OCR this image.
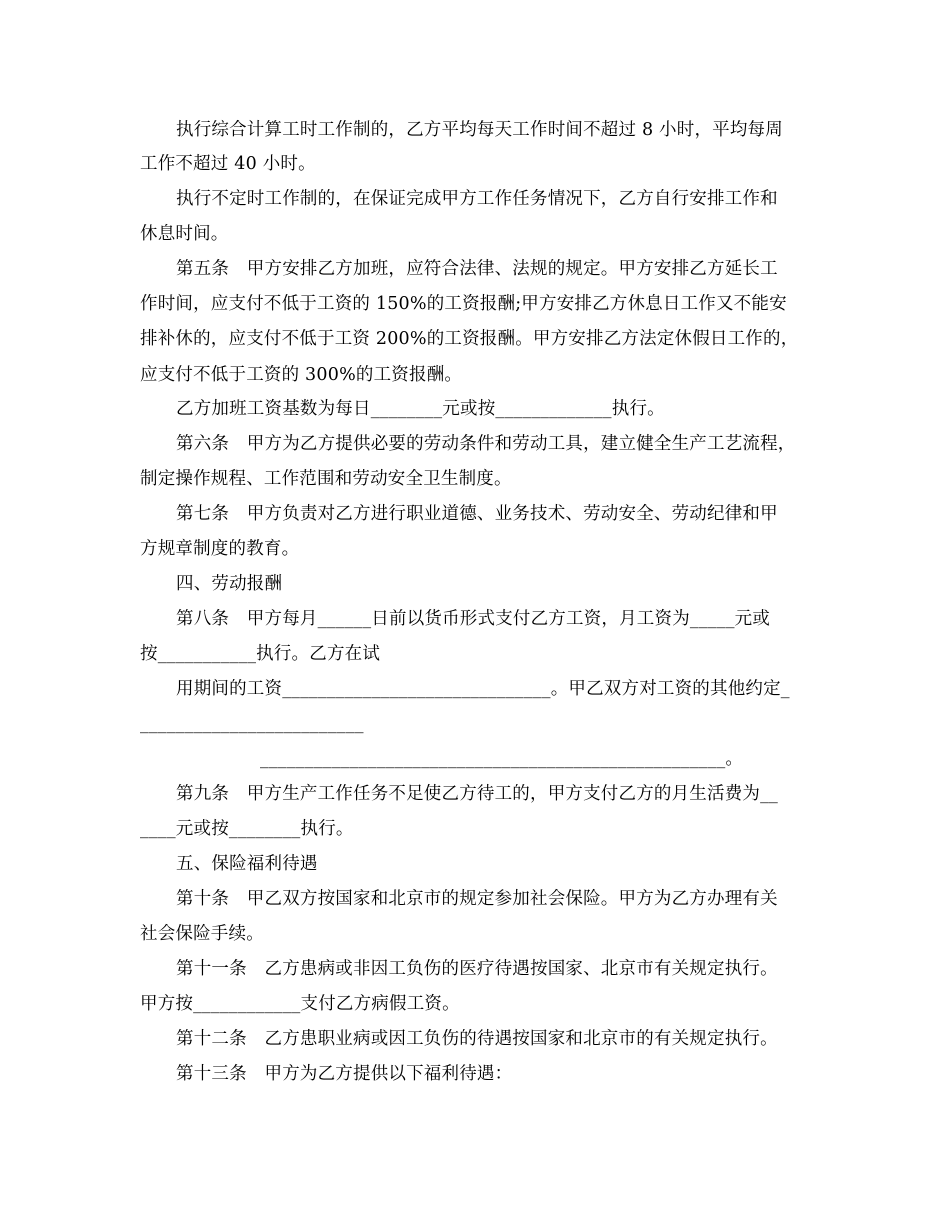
执行综合计算工时工作制的，乙方平均每天工作时间不超过 8 小时，平均每周
工作不超过 40 小时。
执行不定时工作制的，在保证完成甲方工作任务情况下，乙方自行安排工作和
休息时间。
第五条　甲方安排乙方加班，应符合法律、法规的规定。甲方安排乙方延长工
作时间，应支付不低于工资的 150%的工资报酬;甲方安排乙方休息日工作又不能安
排补休的，应支付不低于工资 200%的工资报酬。甲方安排乙方法定休假日工作的，
应支付不低于工资的 300%的工资报酬。
乙方加班工资基数为每日________元或按_____________执行。
第六条　甲方为乙方提供必要的劳动条件和劳动工具，建立健全生产工艺流程，
制定操作规程、工作范围和劳动安全卫生制度。
第七条　甲方负责对乙方进行职业道德、业务技术、劳动安全、劳动纪律和甲
方规章制度的教育。
四、劳动报酬
第八条　甲方每月______日前以货币形式支付乙方工资，月工资为_____元或
按___________执行。乙方在试
用期间的工资______________________________。甲乙双方对工资的其他约定_
_________________________
____________________________________________________。
第九条　甲方生产工作任务不足使乙方待工的，甲方支付乙方的月生活费为__
____元或按________执行。
五、保险福利待遇
第十条　甲乙双方按国家和北京市的规定参加社会保险。甲方为乙方办理有关
社会保险手续。
第十一条　乙方患病或非因工负伤的医疗待遇按国家、北京市有关规定执行。
甲方按____________支付乙方病假工资。
第十二条　乙方患职业病或因工负伤的待遇按国家和北京市的有关规定执行。
第十三条　甲方为乙方提供以下福利待遇：
